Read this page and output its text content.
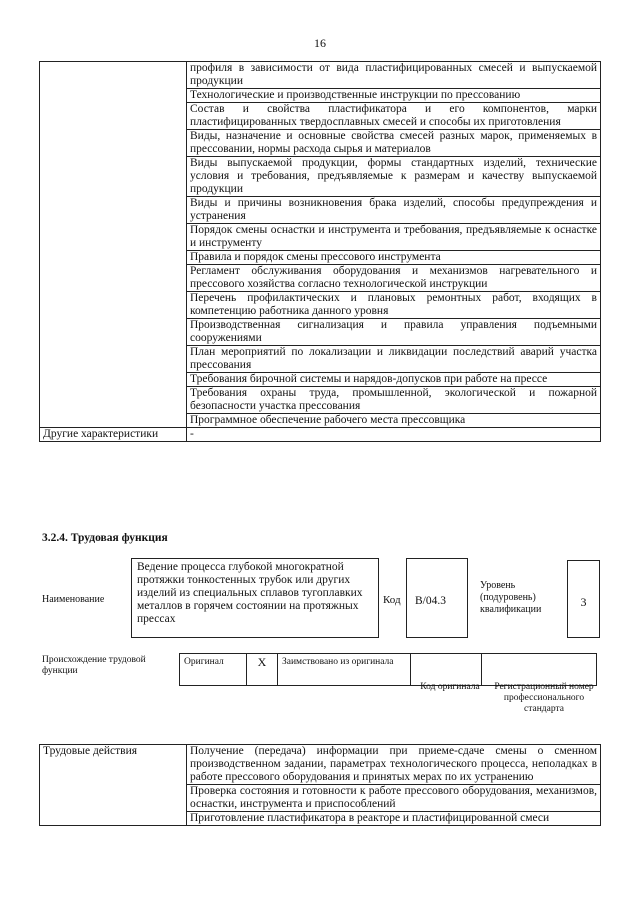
16
	профиля в зависимости от вида пластифицированных смесей и выпускаемой продукции
	Технологические и производственные инструкции по прессованию
	Состав и свойства пластификатора и его компонентов, марки пластифицированных твердосплавных смесей и способы их приготовления
	Виды, назначение и основные свойства смесей разных марок, применяемых в прессовании, нормы расхода сырья и материалов
	Виды выпускаемой продукции, формы стандартных изделий, технические условия и требования, предъявляемые к размерам и качеству выпускаемой продукции
	Виды и причины возникновения брака изделий, способы предупреждения и устранения
	Порядок смены оснастки и инструмента и требования, предъявляемые к оснастке и инструменту
	Правила и порядок смены прессового инструмента
	Регламент обслуживания оборудования и механизмов нагревательного и прессового хозяйства согласно технологической инструкции
	Перечень профилактических и плановых ремонтных работ, входящих в компетенцию работника данного уровня
	Производственная сигнализация и правила управления подъемными сооружениями
	План мероприятий по локализации и ликвидации последствий аварий участка прессования
	Требования бирочной системы и нарядов-допусков при работе на прессе
	Требования охраны труда, промышленной, экологической и пожарной безопасности участка прессования
	Программное обеспечение рабочего места прессовщика
Другие характеристики	-
3.2.4. Трудовая функция
Наименование
Ведение процесса глубокой многократной протяжки тонкостенных трубок или других изделий из специальных сплавов тугоплавких металлов в горячем состоянии на протяжных прессах
Код	B/04.3
Уровень (подуровень) квалификации
3
Происхождение трудовой функции
Оригинал	X	Заимствовано из оригинала		
Код оригинала	Регистрационный номер профессионального стандарта
Трудовые действия	Получение (передача) информации при приеме-сдаче смены о сменном производственном задании, параметрах технологического процесса, неполадках в работе прессового оборудования и принятых мерах по их устранению
Проверка состояния и готовности к работе прессового оборудования, механизмов, оснастки, инструмента и приспособлений
Приготовление пластификатора в реакторе и пластифицированной смеси
